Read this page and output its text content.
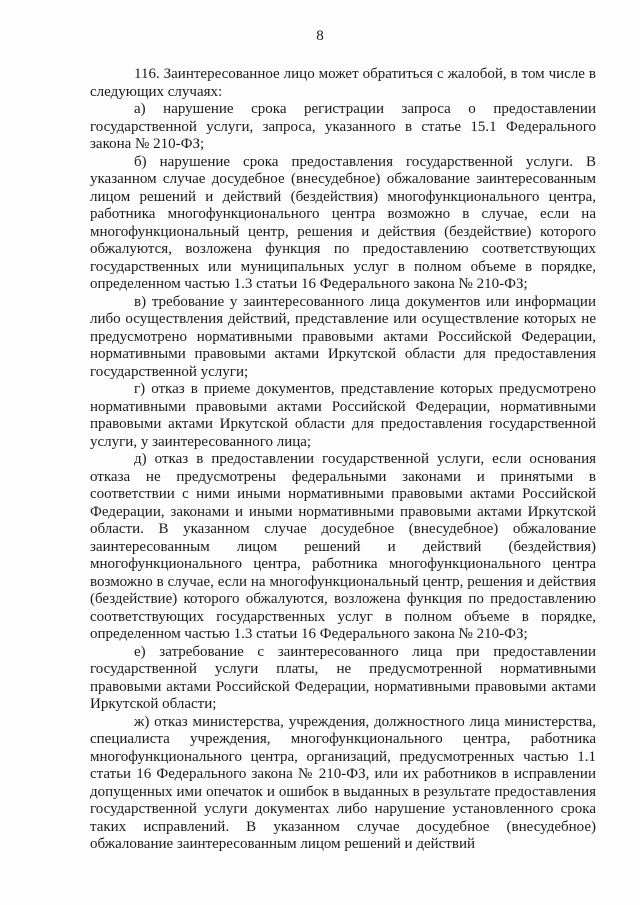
8

116. Заинтересованное лицо может обратиться с жалобой, в том числе в следующих случаях:

а) нарушение срока регистрации запроса о предоставлении государственной услуги, запроса, указанного в статье 15.1 Федерального закона № 210-ФЗ;

б) нарушение срока предоставления государственной услуги. В указанном случае досудебное (внесудебное) обжалование заинтересованным лицом решений и действий (бездействия) многофункционального центра, работника многофункционального центра возможно в случае, если на многофункциональный центр, решения и действия (бездействие) которого обжалуются, возложена функция по предоставлению соответствующих государственных или муниципальных услуг в полном объеме в порядке, определенном частью 1.3 статьи 16 Федерального закона № 210-ФЗ;

в) требование у заинтересованного лица документов или информации либо осуществления действий, представление или осуществление которых не предусмотрено нормативными правовыми актами Российской Федерации, нормативными правовыми актами Иркутской области для предоставления государственной услуги;

г) отказ в приеме документов, представление которых предусмотрено нормативными правовыми актами Российской Федерации, нормативными правовыми актами Иркутской области для предоставления государственной услуги, у заинтересованного лица;

д) отказ в предоставлении государственной услуги, если основания отказа не предусмотрены федеральными законами и принятыми в соответствии с ними иными нормативными правовыми актами Российской Федерации, законами и иными нормативными правовыми актами Иркутской области. В указанном случае досудебное (внесудебное) обжалование заинтересованным лицом решений и действий (бездействия) многофункционального центра, работника многофункционального центра возможно в случае, если на многофункциональный центр, решения и действия (бездействие) которого обжалуются, возложена функция по предоставлению соответствующих государственных услуг в полном объеме в порядке, определенном частью 1.3 статьи 16 Федерального закона № 210-ФЗ;

е) затребование с заинтересованного лица при предоставлении государственной услуги платы, не предусмотренной нормативными правовыми актами Российской Федерации, нормативными правовыми актами Иркутской области;

ж) отказ министерства, учреждения, должностного лица министерства, специалиста учреждения, многофункционального центра, работника многофункционального центра, организаций, предусмотренных частью 1.1 статьи 16 Федерального закона № 210-ФЗ, или их работников в исправлении допущенных ими опечаток и ошибок в выданных в результате предоставления государственной услуги документах либо нарушение установленного срока таких исправлений. В указанном случае досудебное (внесудебное) обжалование заинтересованным лицом решений и действий
